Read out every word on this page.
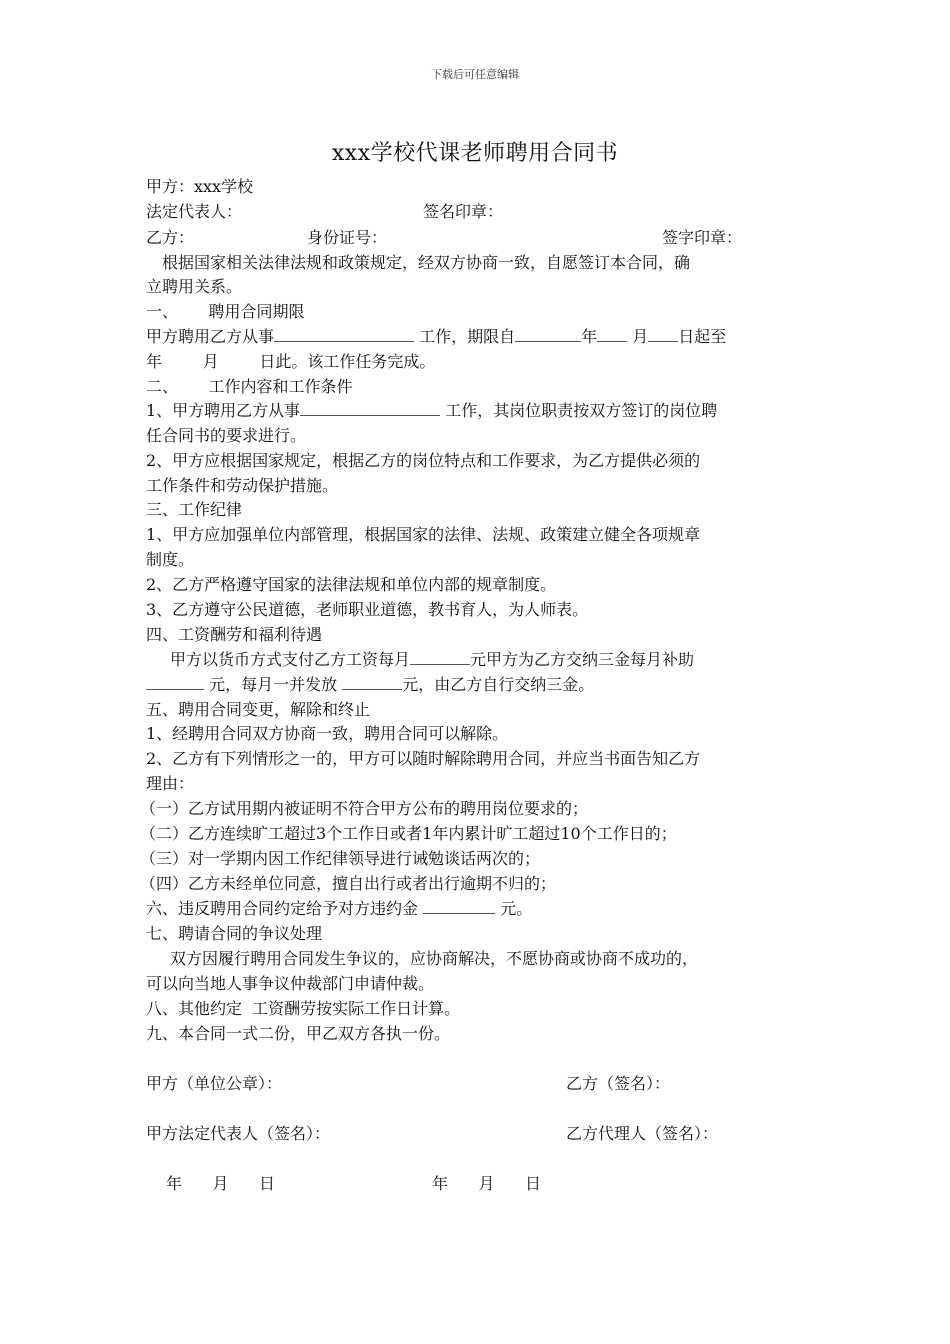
下载后可任意编辑
xxx学校代课老师聘用合同书
甲方：xxx学校
法定代表人：	签名印章：
乙方：	身份证号：	签字印章：
根据国家相关法律法规和政策规定，经双方协商一致，自愿签订本合同，确
立聘用关系。
一、      聘用合同期限
甲方聘用乙方从事	工作，期限自	年 月 日起至
年        月        日此。该工作任务完成。
二、      工作内容和工作条件
1、甲方聘用乙方从事	工作，其岗位职责按双方签订的岗位聘
任合同书的要求进行。
2、甲方应根据国家规定，根据乙方的岗位特点和工作要求，为乙方提供必须的
工作条件和劳动保护措施。
三、工作纪律
1、甲方应加强单位内部管理，根据国家的法律、法规、政策建立健全各项规章
制度。
2、乙方严格遵守国家的法律法规和单位内部的规章制度。
3、乙方遵守公民道德，老师职业道德，教书育人，为人师表。
四、工资酬劳和福利待遇
甲方以货币方式支付乙方工资每月	元甲方为乙方交纳三金每月补助
元，每月一并发放	元，由乙方自行交纳三金。
五、聘用合同变更，解除和终止
1、经聘用合同双方协商一致，聘用合同可以解除。
2、乙方有下列情形之一的，甲方可以随时解除聘用合同，并应当书面告知乙方
理由：
（一）乙方试用期内被证明不符合甲方公布的聘用岗位要求的；
（二）乙方连续旷工超过3个工作日或者1年内累计旷工超过10个工作日的；
（三）对一学期内因工作纪律领导进行诫勉谈话两次的；
（四）乙方未经单位同意，擅自出行或者出行逾期不归的；
六、违反聘用合同约定给予对方违约金	元。
七、聘请合同的争议处理
双方因履行聘用合同发生争议的，应协商解决，不愿协商或协商不成功的，
可以向当地人事争议仲裁部门申请仲裁。
八、其他约定  工资酬劳按实际工作日计算。
九、本合同一式二份，甲乙双方各执一份。
甲方（单位公章）：	乙方（签名）：
甲方法定代表人（签名）：	乙方代理人（签名）：
年      月      日	年      月      日
